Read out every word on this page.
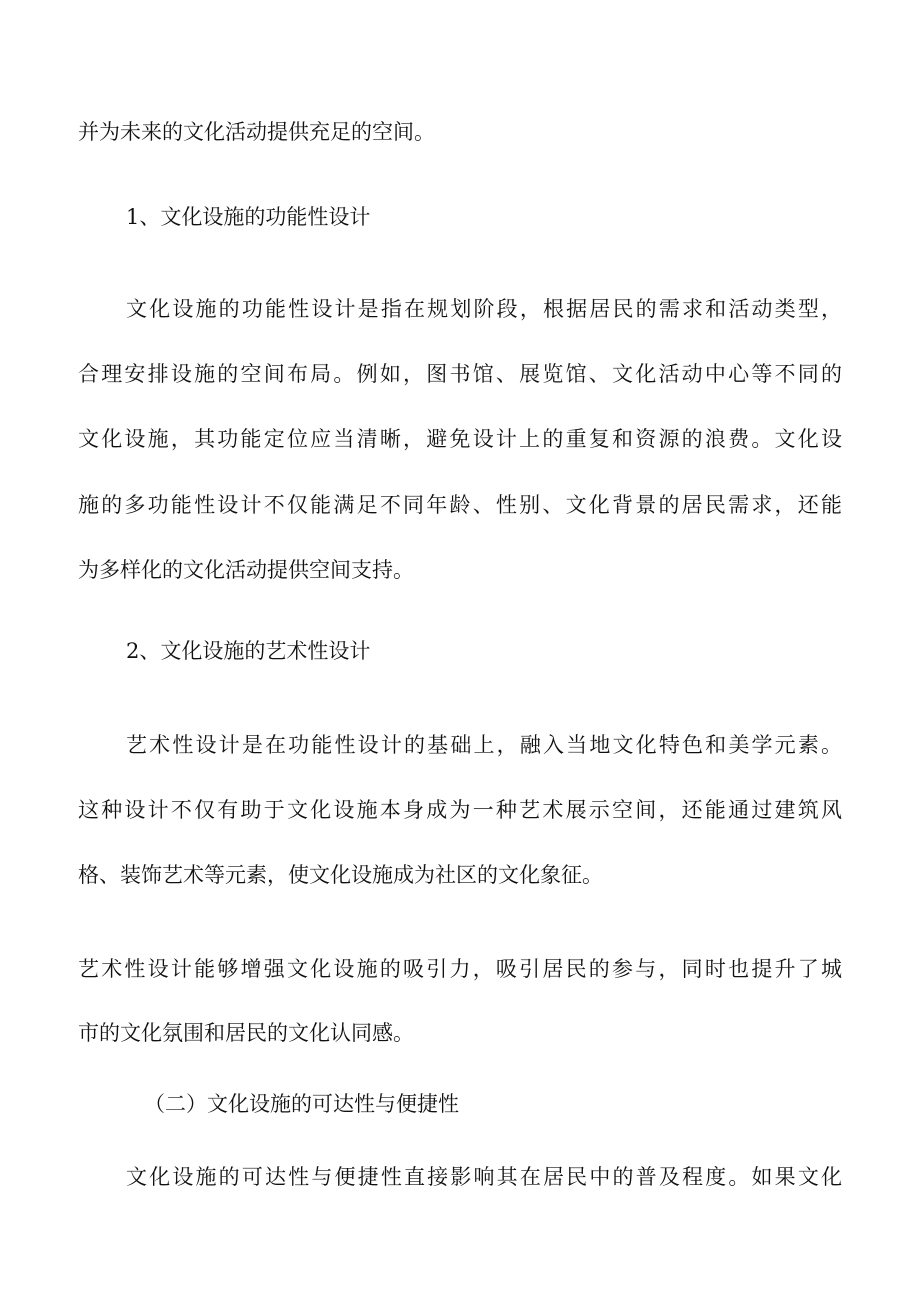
并为未来的文化活动提供充足的空间。
1、文化设施的功能性设计
文化设施的功能性设计是指在规划阶段，根据居民的需求和活动类型，
合理安排设施的空间布局。例如，图书馆、展览馆、文化活动中心等不同的
文化设施，其功能定位应当清晰，避免设计上的重复和资源的浪费。文化设
施的多功能性设计不仅能满足不同年龄、性别、文化背景的居民需求，还能
为多样化的文化活动提供空间支持。
2、文化设施的艺术性设计
艺术性设计是在功能性设计的基础上，融入当地文化特色和美学元素。
这种设计不仅有助于文化设施本身成为一种艺术展示空间，还能通过建筑风
格、装饰艺术等元素，使文化设施成为社区的文化象征。
艺术性设计能够增强文化设施的吸引力，吸引居民的参与，同时也提升了城
市的文化氛围和居民的文化认同感。
（二）文化设施的可达性与便捷性
文化设施的可达性与便捷性直接影响其在居民中的普及程度。如果文化
